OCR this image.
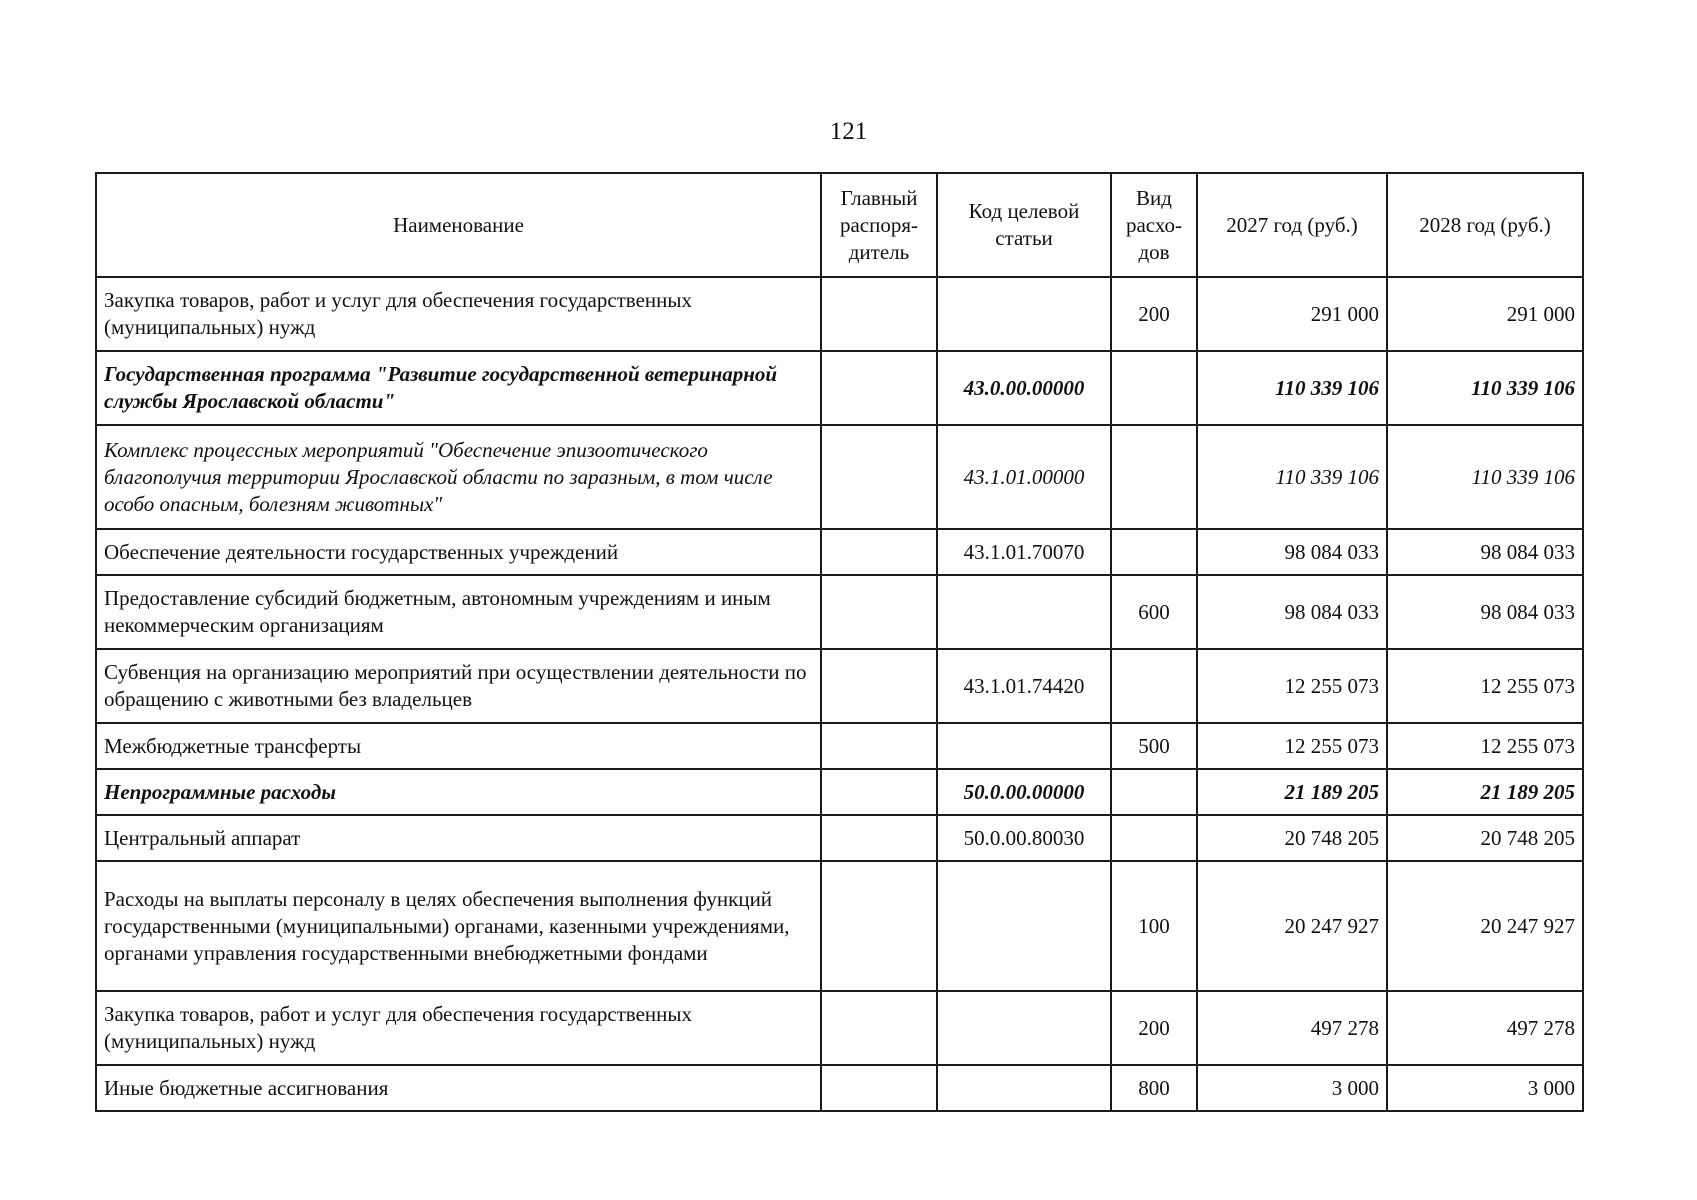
121
Наименование	Главный распоря-дитель	Код целевой статьи	Вид расхо-дов	2027 год (руб.)	2028 год (руб.)
Закупка товаров, работ и услуг для обеспечения государственных (муниципальных) нужд			200	291 000	291 000
Государственная программа "Развитие государственной ветеринарной службы Ярославской области"		43.0.00.00000		110 339 106	110 339 106
Комплекс процессных мероприятий "Обеспечение эпизоотического благополучия территории Ярославской области по заразным, в том числе особо опасным, болезням животных"		43.1.01.00000		110 339 106	110 339 106
Обеспечение деятельности государственных учреждений		43.1.01.70070		98 084 033	98 084 033
Предоставление субсидий бюджетным, автономным учреждениям и иным некоммерческим организациям			600	98 084 033	98 084 033
Субвенция на организацию мероприятий при осуществлении деятельности по обращению с животными без владельцев		43.1.01.74420		12 255 073	12 255 073
Межбюджетные трансферты			500	12 255 073	12 255 073
Непрограммные расходы		50.0.00.00000		21 189 205	21 189 205
Центральный аппарат		50.0.00.80030		20 748 205	20 748 205
Расходы на выплаты персоналу в целях обеспечения выполнения функций государственными (муниципальными) органами, казенными учреждениями, органами управления государственными внебюджетными фондами			100	20 247 927	20 247 927
Закупка товаров, работ и услуг для обеспечения государственных (муниципальных) нужд			200	497 278	497 278
Иные бюджетные ассигнования			800	3 000	3 000
